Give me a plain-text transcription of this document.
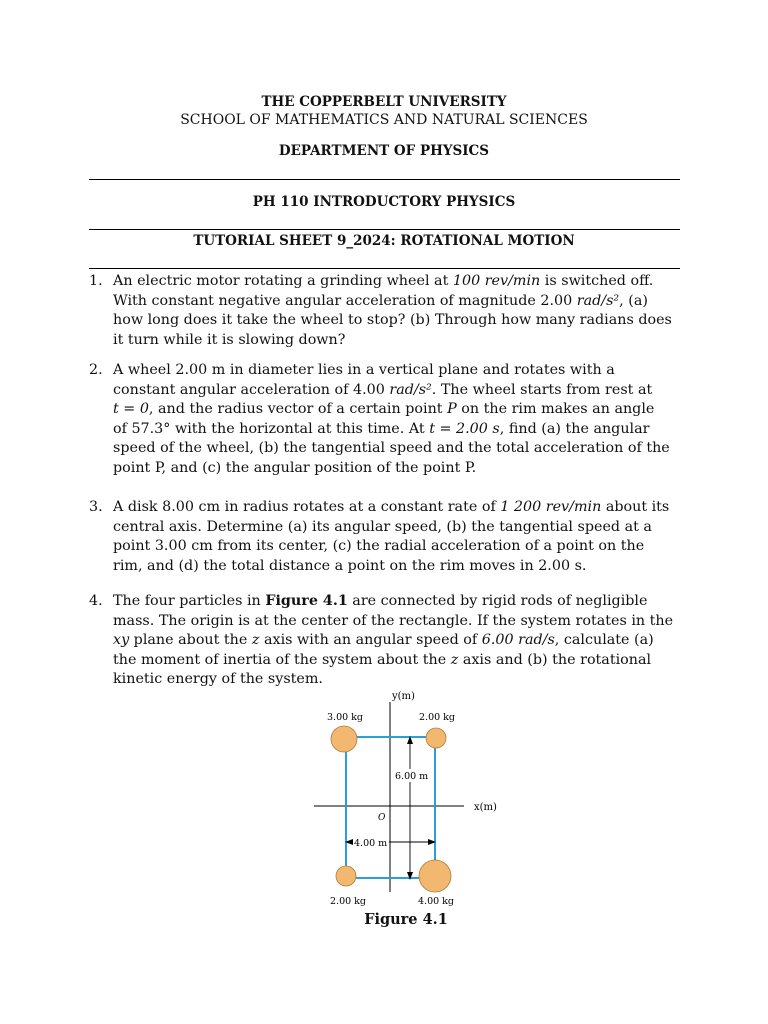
THE COPPERBELT UNIVERSITY
SCHOOL OF MATHEMATICS AND NATURAL SCIENCES
DEPARTMENT OF PHYSICS
PH 110 INTRODUCTORY PHYSICS
TUTORIAL SHEET 9_2024: ROTATIONAL MOTION
1. An electric motor rotating a grinding wheel at 100 rev/min is switched off.
With constant negative angular acceleration of magnitude 2.00 rad/s², (a)
how long does it take the wheel to stop? (b) Through how many radians does
it turn while it is slowing down?
2. A wheel 2.00 m in diameter lies in a vertical plane and rotates with a
constant angular acceleration of 4.00 rad/s². The wheel starts from rest at
t = 0, and the radius vector of a certain point P on the rim makes an angle
of 57.3° with the horizontal at this time. At t = 2.00 s, find (a) the angular
speed of the wheel, (b) the tangential speed and the total acceleration of the
point P, and (c) the angular position of the point P.
3. A disk 8.00 cm in radius rotates at a constant rate of 1 200 rev/min about its
central axis. Determine (a) its angular speed, (b) the tangential speed at a
point 3.00 cm from its center, (c) the radial acceleration of a point on the
rim, and (d) the total distance a point on the rim moves in 2.00 s.
4. The four particles in Figure 4.1 are connected by rigid rods of negligible
mass. The origin is at the center of the rectangle. If the system rotates in the
xy plane about the z axis with an angular speed of 6.00 rad/s, calculate (a)
the moment of inertia of the system about the z axis and (b) the rotational
kinetic energy of the system.
y(m)
x(m)
O
6.00 m
4.00 m
3.00 kg	2.00 kg
2.00 kg	4.00 kg
Figure 4.1
